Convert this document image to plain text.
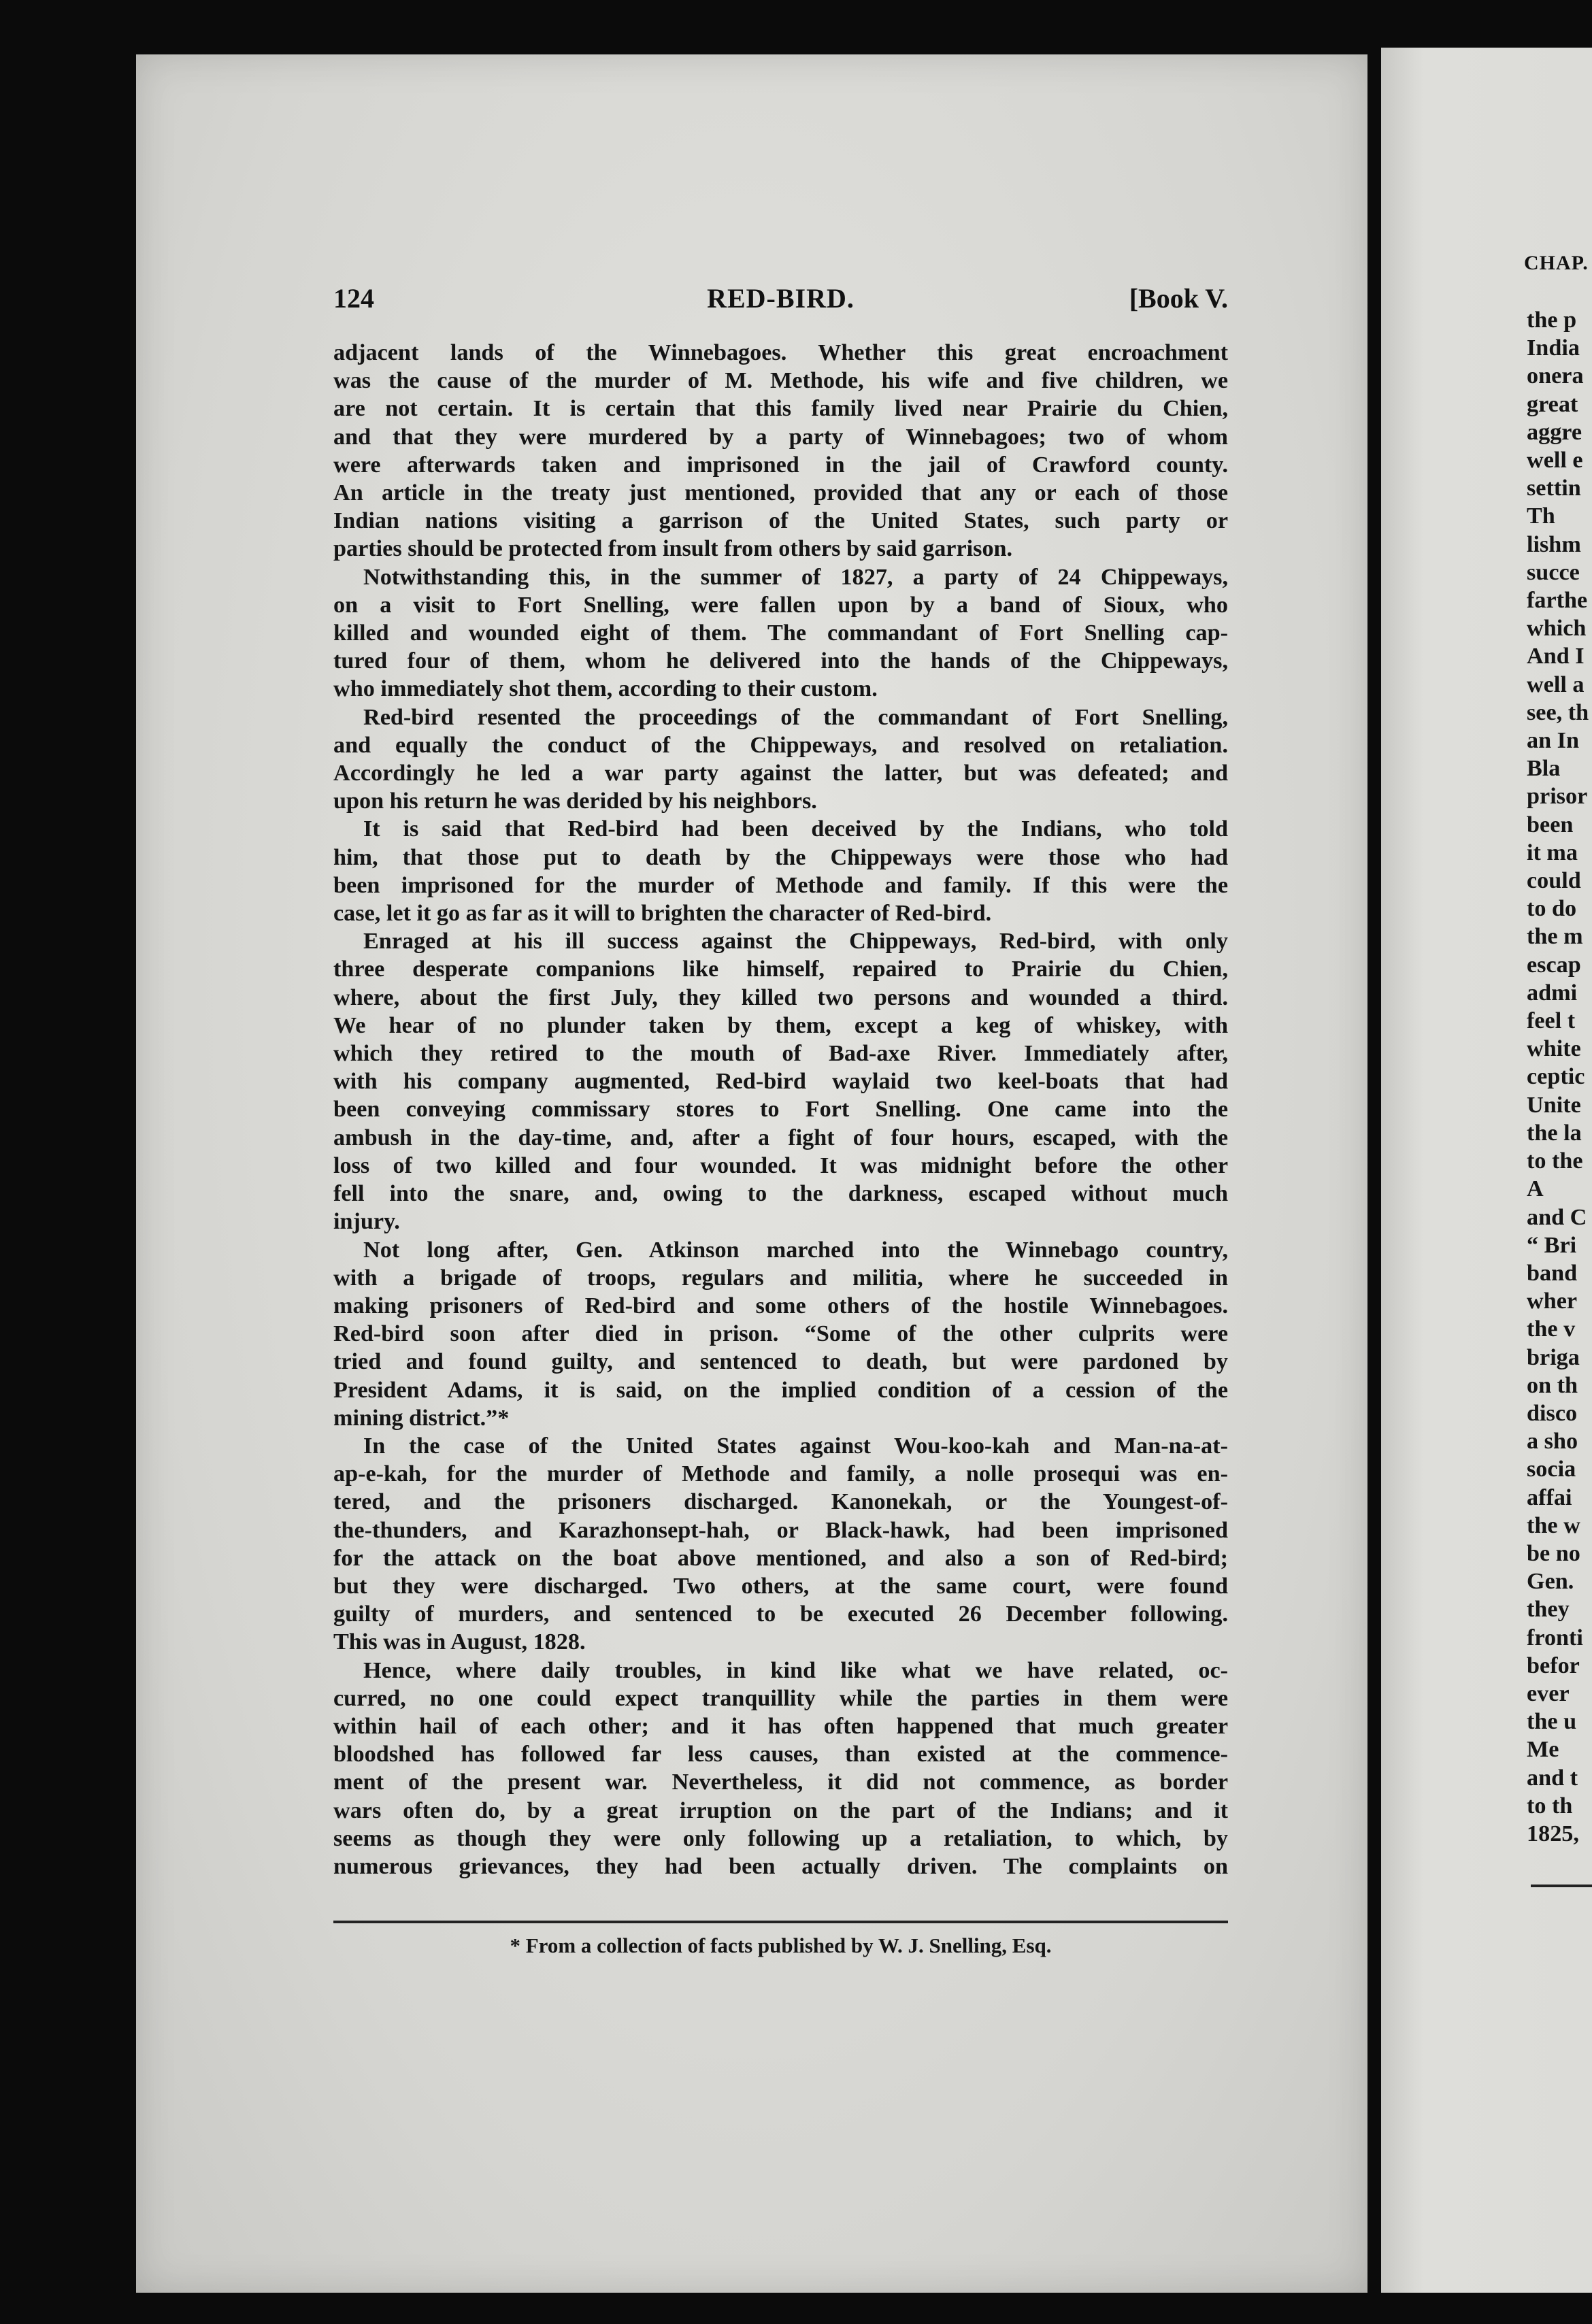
124	RED-BIRD.	[Book V.
adjacent lands of the Winnebagoes. Whether this great encroachment
was the cause of the murder of M. Methode, his wife and five children, we
are not certain. It is certain that this family lived near Prairie du Chien,
and that they were murdered by a party of Winnebagoes; two of whom
were afterwards taken and imprisoned in the jail of Crawford county.
An article in the treaty just mentioned, provided that any or each of those
Indian nations visiting a garrison of the United States, such party or
parties should be protected from insult from others by said garrison.
Notwithstanding this, in the summer of 1827, a party of 24 Chippeways,
on a visit to Fort Snelling, were fallen upon by a band of Sioux, who
killed and wounded eight of them. The commandant of Fort Snelling cap-
tured four of them, whom he delivered into the hands of the Chippeways,
who immediately shot them, according to their custom.
Red-bird resented the proceedings of the commandant of Fort Snelling,
and equally the conduct of the Chippeways, and resolved on retaliation.
Accordingly he led a war party against the latter, but was defeated; and
upon his return he was derided by his neighbors.
It is said that Red-bird had been deceived by the Indians, who told
him, that those put to death by the Chippeways were those who had
been imprisoned for the murder of Methode and family. If this were the
case, let it go as far as it will to brighten the character of Red-bird.
Enraged at his ill success against the Chippeways, Red-bird, with only
three desperate companions like himself, repaired to Prairie du Chien,
where, about the first July, they killed two persons and wounded a third.
We hear of no plunder taken by them, except a keg of whiskey, with
which they retired to the mouth of Bad-axe River. Immediately after,
with his company augmented, Red-bird waylaid two keel-boats that had
been conveying commissary stores to Fort Snelling. One came into the
ambush in the day-time, and, after a fight of four hours, escaped, with the
loss of two killed and four wounded. It was midnight before the other
fell into the snare, and, owing to the darkness, escaped without much
injury.
Not long after, Gen. Atkinson marched into the Winnebago country,
with a brigade of troops, regulars and militia, where he succeeded in
making prisoners of Red-bird and some others of the hostile Winnebagoes.
Red-bird soon after died in prison. “Some of the other culprits were
tried and found guilty, and sentenced to death, but were pardoned by
President Adams, it is said, on the implied condition of a cession of the
mining district.”*
In the case of the United States against Wou-koo-kah and Man-na-at-
ap-e-kah, for the murder of Methode and family, a nolle prosequi was en-
tered, and the prisoners discharged. Kanonekah, or the Youngest-of-
the-thunders, and Karazhonsept-hah, or Black-hawk, had been imprisoned
for the attack on the boat above mentioned, and also a son of Red-bird;
but they were discharged. Two others, at the same court, were found
guilty of murders, and sentenced to be executed 26 December following.
This was in August, 1828.
Hence, where daily troubles, in kind like what we have related, oc-
curred, no one could expect tranquillity while the parties in them were
within hail of each other; and it has often happened that much greater
bloodshed has followed far less causes, than existed at the commence-
ment of the present war. Nevertheless, it did not commence, as border
wars often do, by a great irruption on the part of the Indians; and it
seems as though they were only following up a retaliation, to which, by
numerous grievances, they had been actually driven. The complaints on
* From a collection of facts published by W. J. Snelling, Esq.
CHAP.
the p
India
onera
great
aggre
well e
settin
Th
lishm
succe
farthe
which
And I
well a
see, th
an In
Bla
prisor
been
it ma
could
to do
the m
escap
admi
feel t
white
ceptic
Unite
the la
to the
A
and C
“ Bri
band
wher
the v
briga
on th
disco
a sho
socia
affai
the w
be no
Gen.
they
fronti
befor
ever
the u
Me
and t
to th
1825,
